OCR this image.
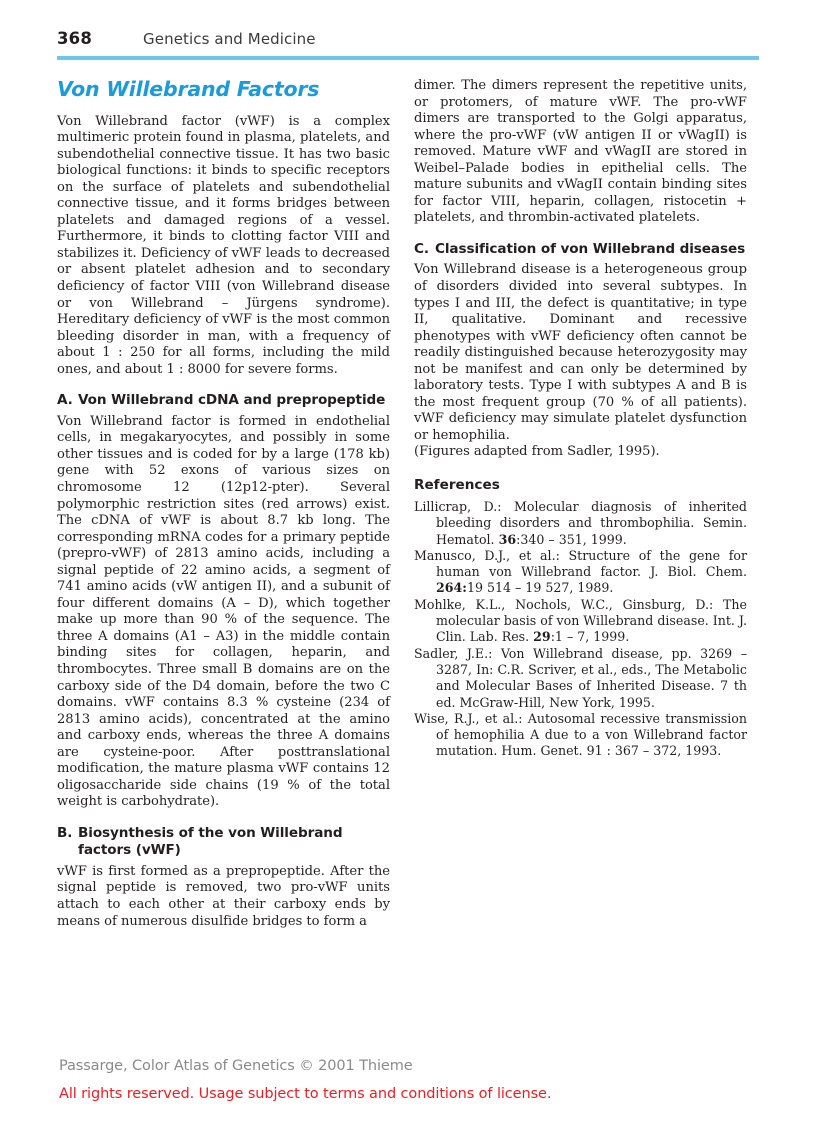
368	Genetics and Medicine
Von Willebrand Factors

Von Willebrand factor (vWF) is a complex multimeric protein found in plasma, platelets, and subendothelial connective tissue. It has two basic biological functions: it binds to specific receptors on the surface of platelets and subendothelial connective tissue, and it forms bridges between platelets and damaged regions of a vessel. Furthermore, it binds to clotting factor VIII and stabilizes it. Deficiency of vWF leads to decreased or absent platelet adhesion and to secondary deficiency of factor VIII (von Willebrand disease or von Willebrand – Jürgens syndrome). Hereditary deficiency of vWF is the most common bleeding disorder in man, with a frequency of about 1 : 250 for all forms, including the mild ones, and about 1 : 8000 for severe forms.

A. Von Willebrand cDNA and prepropeptide

Von Willebrand factor is formed in endothelial cells, in megakaryocytes, and possibly in some other tissues and is coded for by a large (178 kb) gene with 52 exons of various sizes on chromosome 12 (12p12-pter). Several polymorphic restriction sites (red arrows) exist. The cDNA of vWF is about 8.7 kb long. The corresponding mRNA codes for a primary peptide (prepro-vWF) of 2813 amino acids, including a signal peptide of 22 amino acids, a segment of 741 amino acids (vW antigen II), and a subunit of four different domains (A – D), which together make up more than 90 % of the sequence. The three A domains (A1 – A3) in the middle contain binding sites for collagen, heparin, and thrombocytes. Three small B domains are on the carboxy side of the D4 domain, before the two C domains. vWF contains 8.3 % cysteine (234 of 2813 amino acids), concentrated at the amino and carboxy ends, whereas the three A domains are cysteine-poor. After posttranslational modification, the mature plasma vWF contains 12 oligosaccharide side chains (19 % of the total weight is carbohydrate).

B. Biosynthesis of the von Willebrand factors (vWF)

vWF is first formed as a prepropeptide. After the signal peptide is removed, two pro-vWF units attach to each other at their carboxy ends by means of numerous disulfide bridges to form a

dimer. The dimers represent the repetitive units, or protomers, of mature vWF. The pro-vWF dimers are transported to the Golgi apparatus, where the pro-vWF (vW antigen II or vWagII) is removed. Mature vWF and vWagII are stored in Weibel–Palade bodies in epithelial cells. The mature subunits and vWagII contain binding sites for factor VIII, heparin, collagen, ristocetin + platelets, and thrombin-activated platelets.

C. Classification of von Willebrand diseases

Von Willebrand disease is a heterogeneous group of disorders divided into several subtypes. In types I and III, the defect is quantitative; in type II, qualitative. Dominant and recessive phenotypes with vWF deficiency often cannot be readily distinguished because heterozygosity may not be manifest and can only be determined by laboratory tests. Type I with subtypes A and B is the most frequent group (70 % of all patients). vWF deficiency may simulate platelet dysfunction or hemophilia.

(Figures adapted from Sadler, 1995).

References

Lillicrap, D.: Molecular diagnosis of inherited bleeding disorders and thrombophilia. Semin. Hematol. 36:340 – 351, 1999.

Manusco, D.J., et al.: Structure of the gene for human von Willebrand factor. J. Biol. Chem. 264:19 514 – 19 527, 1989.

Mohlke, K.L., Nochols, W.C., Ginsburg, D.: The molecular basis of von Willebrand disease. Int. J. Clin. Lab. Res. 29:1 – 7, 1999.

Sadler, J.E.: Von Willebrand disease, pp. 3269 – 3287, In: C.R. Scriver, et al., eds., The Metabolic and Molecular Bases of Inherited Disease. 7 th ed. McGraw-Hill, New York, 1995.

Wise, R.J., et al.: Autosomal recessive transmission of hemophilia A due to a von Willebrand factor mutation. Hum. Genet. 91 : 367 – 372, 1993.

Passarge, Color Atlas of Genetics © 2001 Thieme
All rights reserved. Usage subject to terms and conditions of license.
